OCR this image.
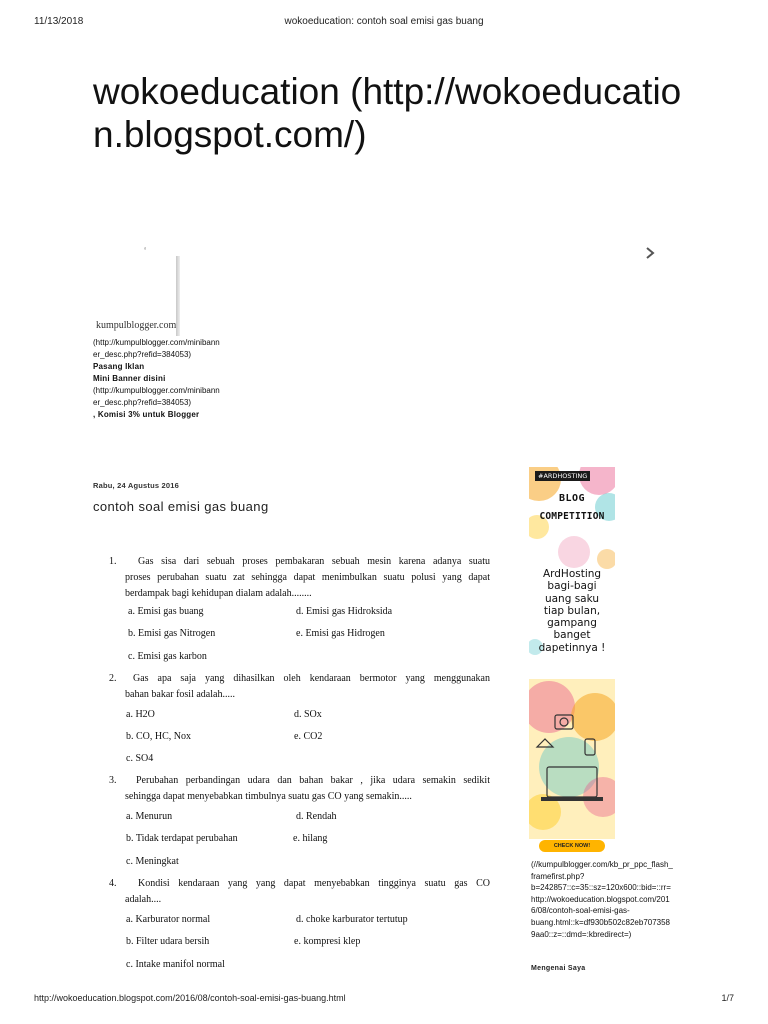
11/13/2018	wokoeducation: contoh soal emisi gas buang
wokoeducation (http://wokoeducation.blogspot.com/)
‘
kumpulblogger.com
(http://kumpulblogger.com/minibanner_desc.php?refid=384053)
Pasang Iklan
Mini Banner disini
(http://kumpulblogger.com/minibanner_desc.php?refid=384053)
, Komisi 3% untuk Blogger
Rabu, 24 Agustus 2016
contoh soal emisi gas buang
1. Gas sisa dari sebuah proses pembakaran sebuah mesin karena adanya suatu
proses perubahan suatu zat sehingga dapat menimbulkan suatu polusi yang dapat
berdampak bagi kehidupan dialam adalah........
a. Emisi gas buang	d. Emisi gas Hidroksida
b. Emisi gas Nitrogen	e. Emisi gas Hidrogen
c. Emisi gas karbon
2. Gas apa saja yang dihasilkan oleh kendaraan bermotor yang menggunakan
bahan bakar fosil adalah.....
a. H2O	d. SOx
b. CO, HC, Nox	e. CO2
c. SO4
3. Perubahan perbandingan udara dan bahan bakar , jika udara semakin sedikit
sehingga dapat menyebabkan timbulnya suatu gas CO yang semakin.....
a. Menurun	d. Rendah
b. Tidak terdapat perubahan	e. hilang
c. Meningkat
4. Kondisi kendaraan yang yang dapat menyebabkan tingginya suatu gas CO
adalah....
a. Karburator normal	d. choke karburator tertutup
b. Filter udara bersih	e. kompresi klep
c. Intake manifol normal
#ARDHOSTING
BLOG
COMPETITION
ArdHosting
bagi-bagi
uang saku
tiap bulan,
gampang
banget
dapetinnya !
CHECK NOW!
(//kumpulblogger.com/kb_pr_ppc_flash_
framefirst.php?
b=242857::c=35::sz=120x600::bid=::rr=
http://wokoeducation.blogspot.com/201
6/08/contoh-soal-emisi-gas-
buang.html::k=df930b502c82eb707358
9aa0::z=::dmd=:kbredirect=)
Mengenai Saya
http://wokoeducation.blogspot.com/2016/08/contoh-soal-emisi-gas-buang.html	1/7
